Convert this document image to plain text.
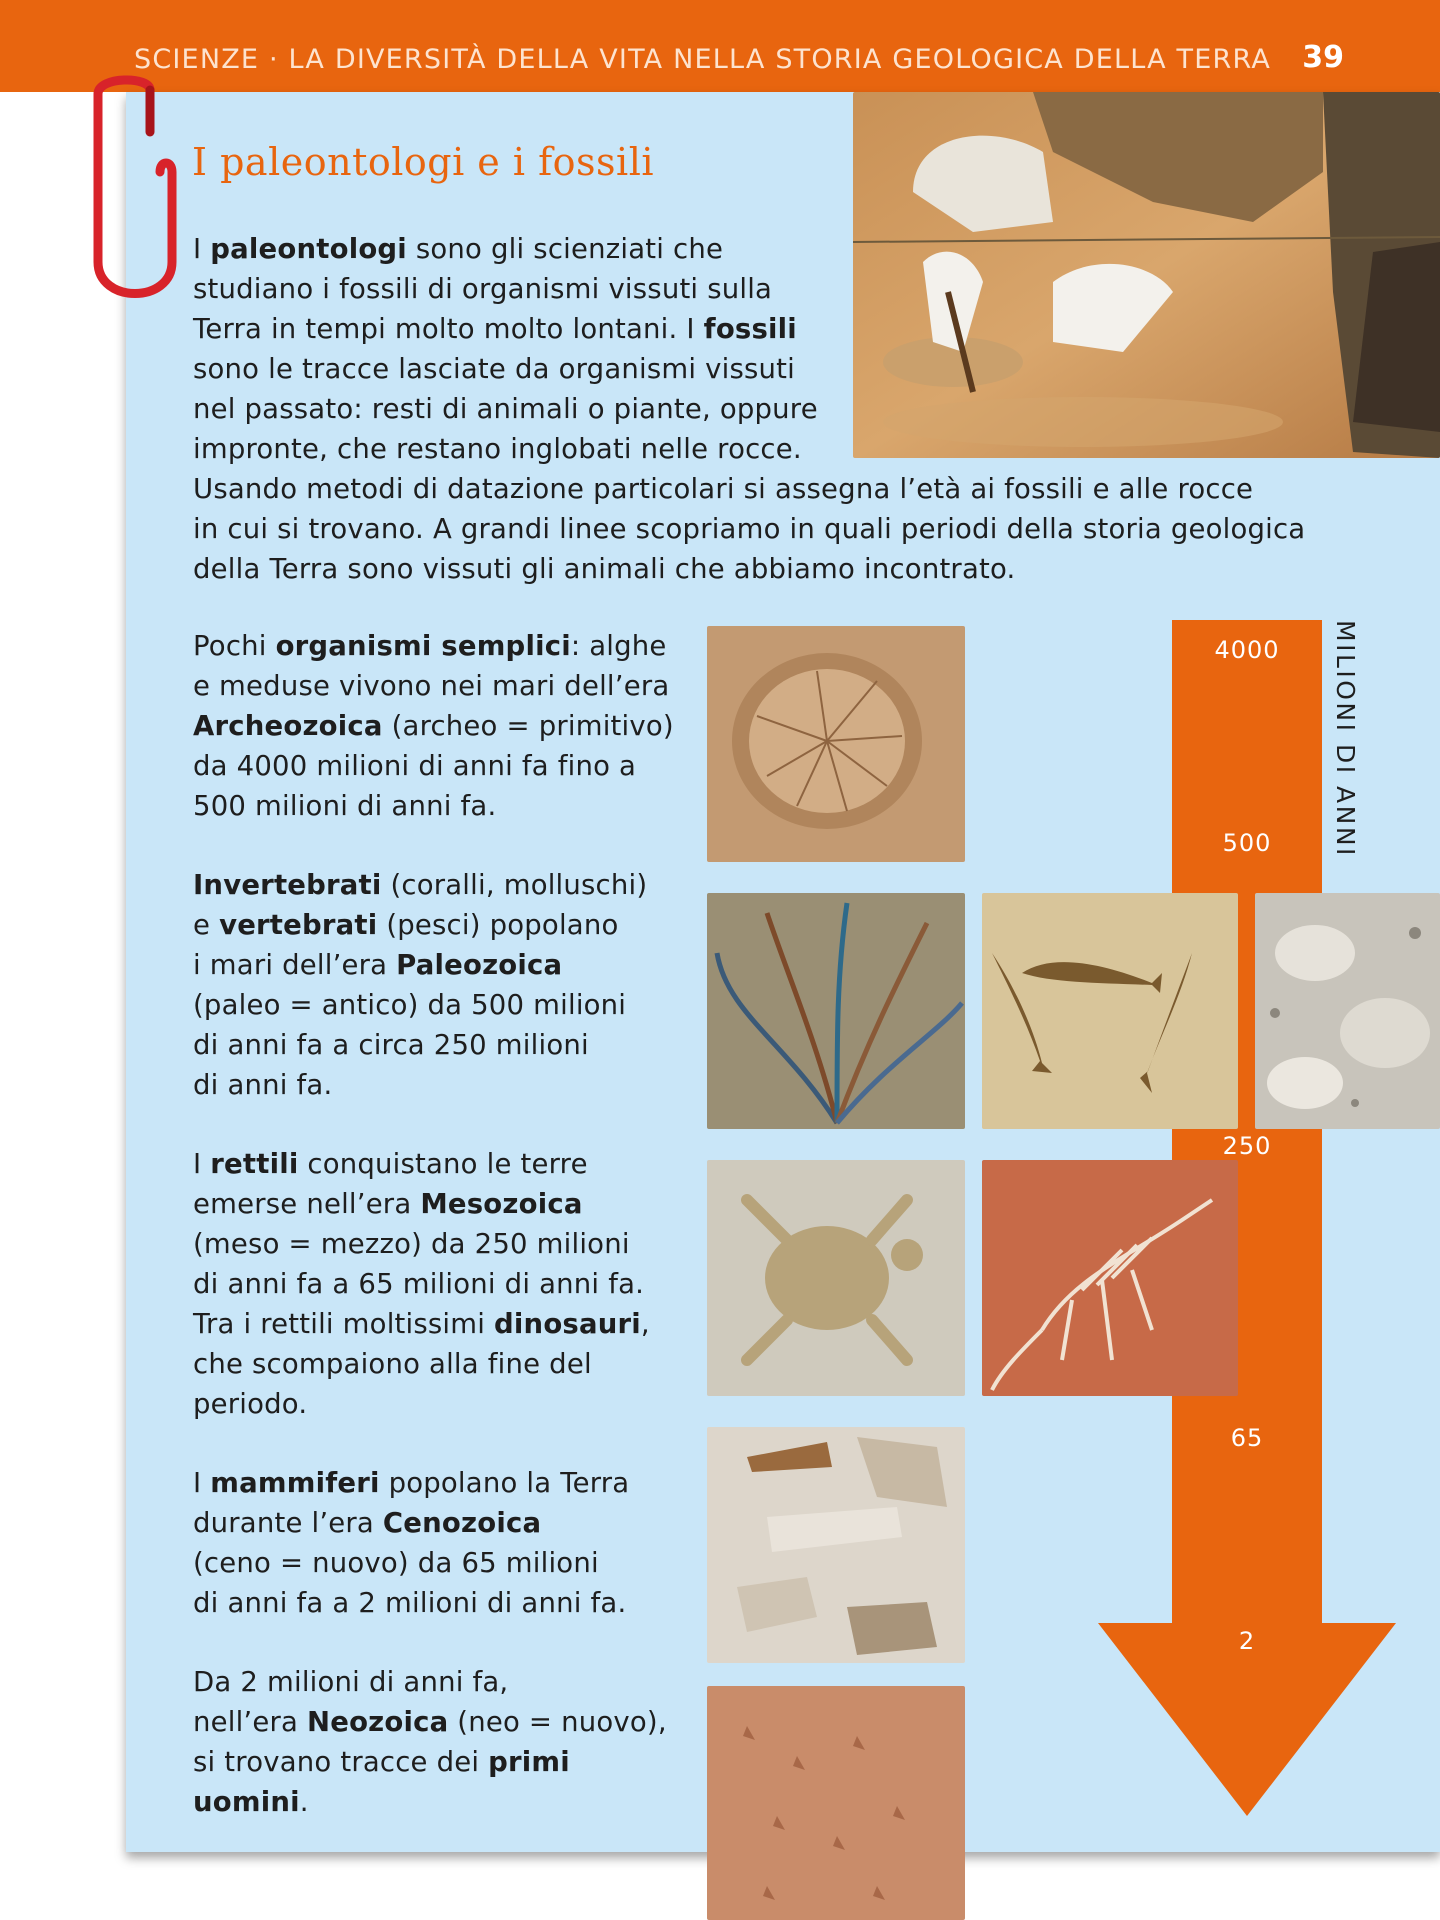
SCIENZE · LA DIVERSITÀ DELLA VITA NELLA STORIA GEOLOGICA DELLA TERRA 39
I paleontologi e i fossili
I paleontologi sono gli scienziati che
studiano i fossili di organismi vissuti sulla
Terra in tempi molto molto lontani. I fossili
sono le tracce lasciate da organismi vissuti
nel passato: resti di animali o piante, oppure
impronte, che restano inglobati nelle rocce.
Usando metodi di datazione particolari si assegna l’età ai fossili e alle rocce
in cui si trovano. A grandi linee scopriamo in quali periodi della storia geologica
della Terra sono vissuti gli animali che abbiamo incontrato.
Pochi organismi semplici: alghe
e meduse vivono nei mari dell’era
Archeozoica (archeo = primitivo)
da 4000 milioni di anni fa fino a
500 milioni di anni fa.
Invertebrati (coralli, molluschi)
e vertebrati (pesci) popolano
i mari dell’era Paleozoica
(paleo = antico) da 500 milioni
di anni fa a circa 250 milioni
di anni fa.
I rettili conquistano le terre
emerse nell’era Mesozoica
(meso = mezzo) da 250 milioni
di anni fa a 65 milioni di anni fa.
Tra i rettili moltissimi dinosauri,
che scompaiono alla fine del
periodo.
I mammiferi popolano la Terra
durante l’era Cenozoica
(ceno = nuovo) da 65 milioni
di anni fa a 2 milioni di anni fa.
Da 2 milioni di anni fa,
nell’era Neozoica (neo = nuovo),
si trovano tracce dei primi
uomini.
MILIONI DI ANNI
4000
500
250
65
2
